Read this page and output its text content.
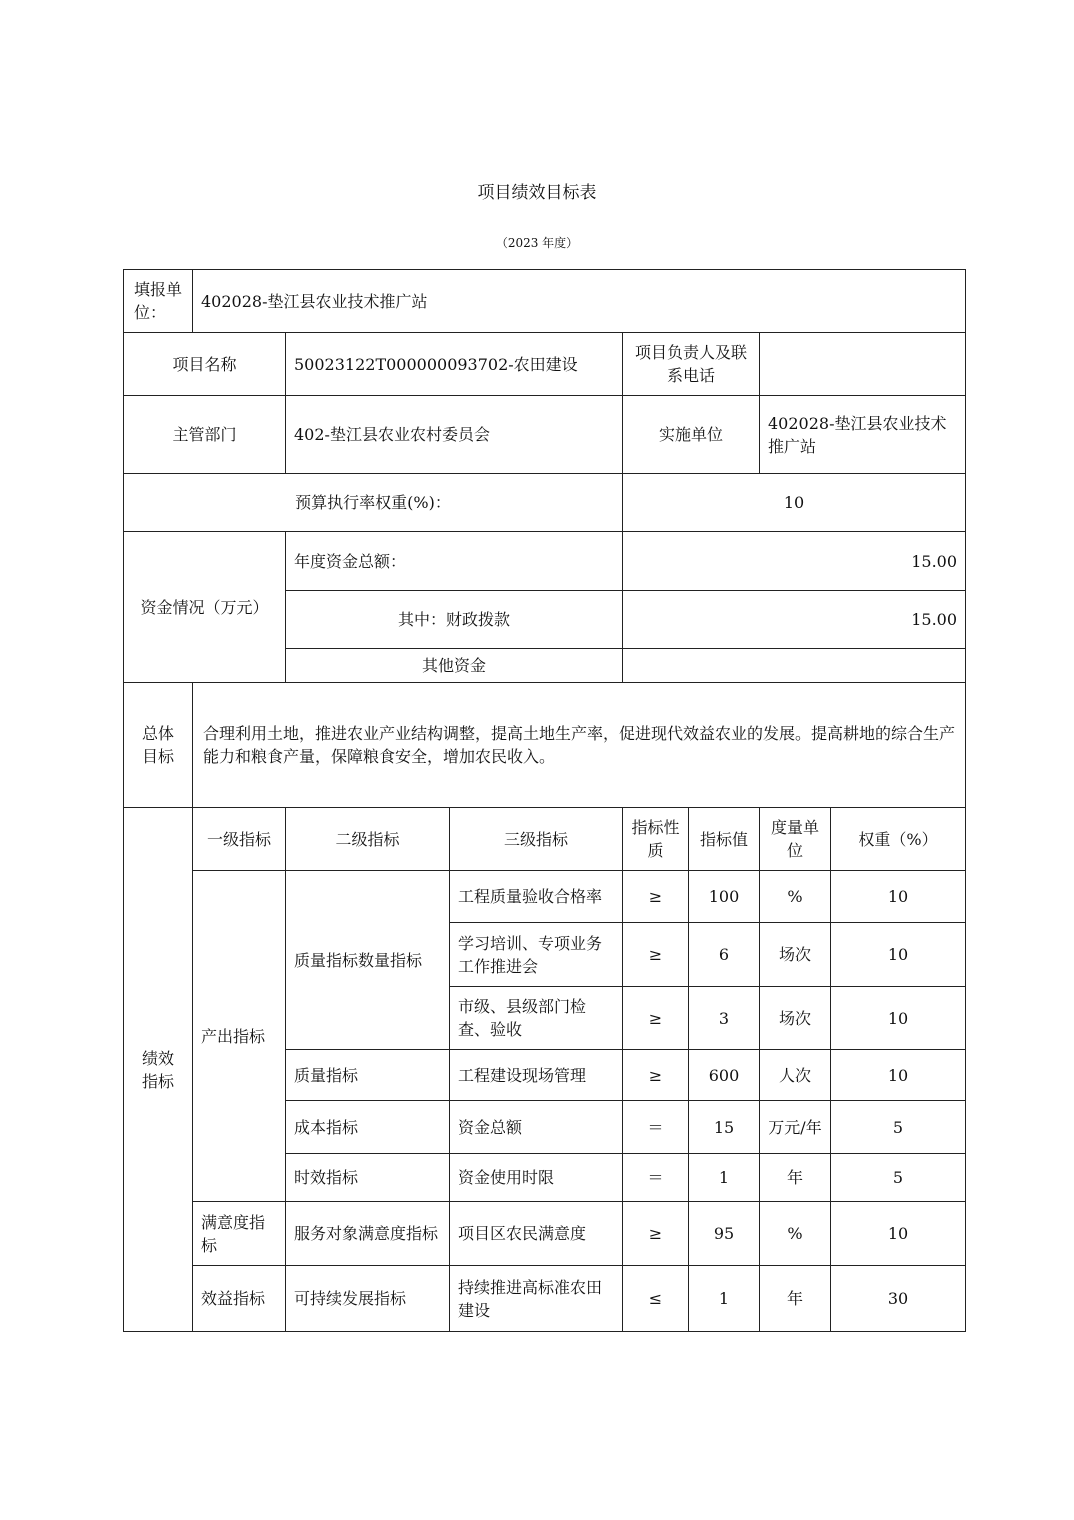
项目绩效目标表
（2023 年度）
填报单位：	402028-垫江县农业技术推广站						
项目名称		50023122T000000093702-农田建设		项目负责人及联系电话			
主管部门		402-垫江县农业农村委员会		实施单位		402028-垫江县农业技术推广站	
预算执行率权重(%)：				10			
资金情况（万元）		年度资金总额：		15.00			
		其中：财政拨款		15.00			
		其他资金					
总体目标	合理利用土地，推进农业产业结构调整，提高土地生产率，促进现代效益农业的发展。提高耕地的综合生产能力和粮食产量，保障粮食安全，增加农民收入。						
绩效指标	一级指标	二级指标	三级指标	指标性质	指标值	度量单位	权重（%）
	产出指标	质量指标数量指标	工程质量验收合格率	≥	100	%	10
			学习培训、专项业务工作推进会	≥	6	场次	10
			市级、县级部门检查、验收	≥	3	场次	10
		质量指标	工程建设现场管理	≥	600	人次	10
		成本指标	资金总额	＝	15	万元/年	5
		时效指标	资金使用时限	＝	1	年	5
	满意度指标	服务对象满意度指标	项目区农民满意度	≥	95	%	10
	效益指标	可持续发展指标	持续推进高标准农田建设	≤	1	年	30
